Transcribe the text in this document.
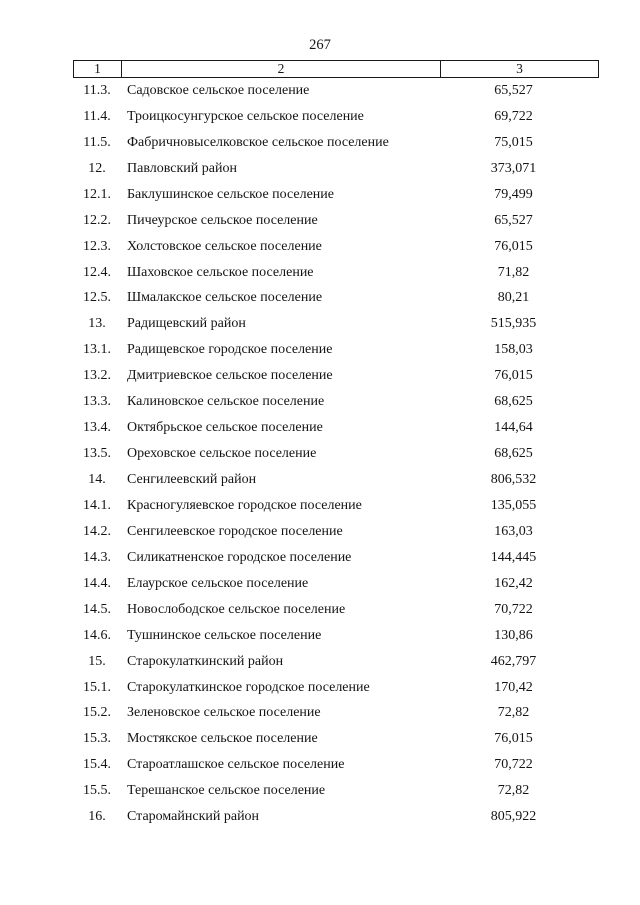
267
1	2	3
11.3.	Садовское сельское поселение	65,527
11.4.	Троицкосунгурское сельское поселение	69,722
11.5.	Фабричновыселковское сельское поселение	75,015
12.	Павловский район	373,071
12.1.	Баклушинское сельское поселение	79,499
12.2.	Пичеурское сельское поселение	65,527
12.3.	Холстовское сельское поселение	76,015
12.4.	Шаховское сельское поселение	71,82
12.5.	Шмалакское сельское поселение	80,21
13.	Радищевский район	515,935
13.1.	Радищевское городское поселение	158,03
13.2.	Дмитриевское сельское поселение	76,015
13.3.	Калиновское сельское поселение	68,625
13.4.	Октябрьское сельское поселение	144,64
13.5.	Ореховское сельское поселение	68,625
14.	Сенгилеевский район	806,532
14.1.	Красногуляевское городское поселение	135,055
14.2.	Сенгилеевское городское поселение	163,03
14.3.	Силикатненское городское поселение	144,445
14.4.	Елаурское сельское поселение	162,42
14.5.	Новослободское сельское поселение	70,722
14.6.	Тушнинское сельское поселение	130,86
15.	Старокулаткинский район	462,797
15.1.	Старокулаткинское городское поселение	170,42
15.2.	Зеленовское сельское поселение	72,82
15.3.	Мостякское сельское поселение	76,015
15.4.	Староатлашское сельское поселение	70,722
15.5.	Терешанское сельское поселение	72,82
16.	Старомайнский район	805,922
